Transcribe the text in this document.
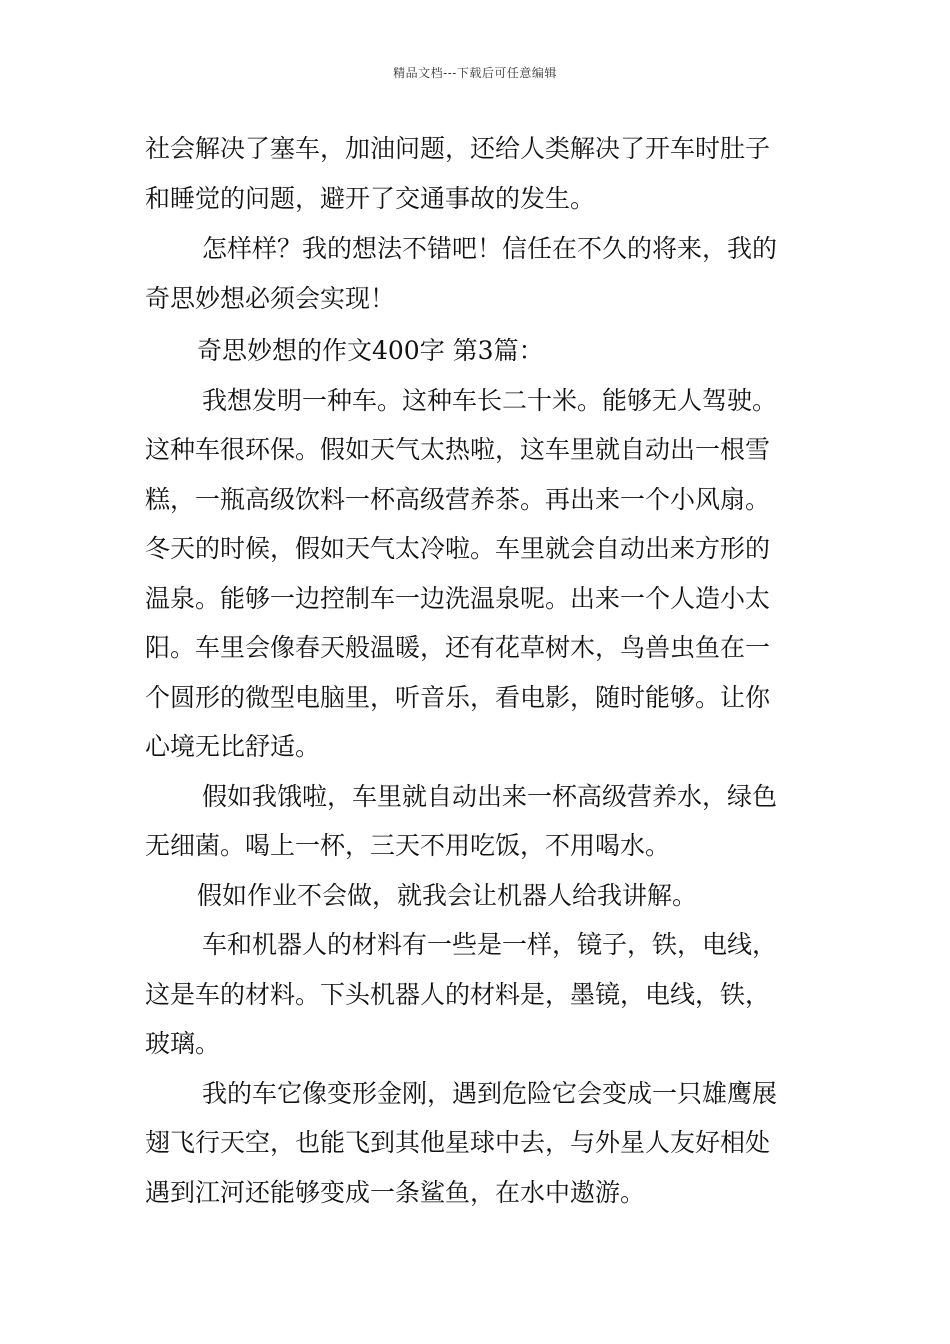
精品文档---下载后可任意编辑
社会解决了塞车，加油问题，还给人类解决了开车时肚子
和睡觉的问题，避开了交通事故的发生。
怎样样？我的想法不错吧！信任在不久的将来，我的
奇思妙想必须会实现！
奇思妙想的作文400字 第3篇：
我想发明一种车。这种车长二十米。能够无人驾驶。
这种车很环保。假如天气太热啦，这车里就自动出一根雪
糕，一瓶高级饮料一杯高级营养茶。再出来一个小风扇。
冬天的时候，假如天气太冷啦。车里就会自动出来方形的
温泉。能够一边控制车一边洗温泉呢。出来一个人造小太
阳。车里会像春天般温暖，还有花草树木，鸟兽虫鱼在一
个圆形的微型电脑里，听音乐，看电影，随时能够。让你
心境无比舒适。
假如我饿啦，车里就自动出来一杯高级营养水，绿色
无细菌。喝上一杯，三天不用吃饭，不用喝水。
假如作业不会做，就我会让机器人给我讲解。
车和机器人的材料有一些是一样，镜子，铁，电线，
这是车的材料。下头机器人的材料是，墨镜，电线，铁，
玻璃。
我的车它像变形金刚，遇到危险它会变成一只雄鹰展
翅飞行天空，也能飞到其他星球中去，与外星人友好相处
遇到江河还能够变成一条鲨鱼，在水中遨游。
